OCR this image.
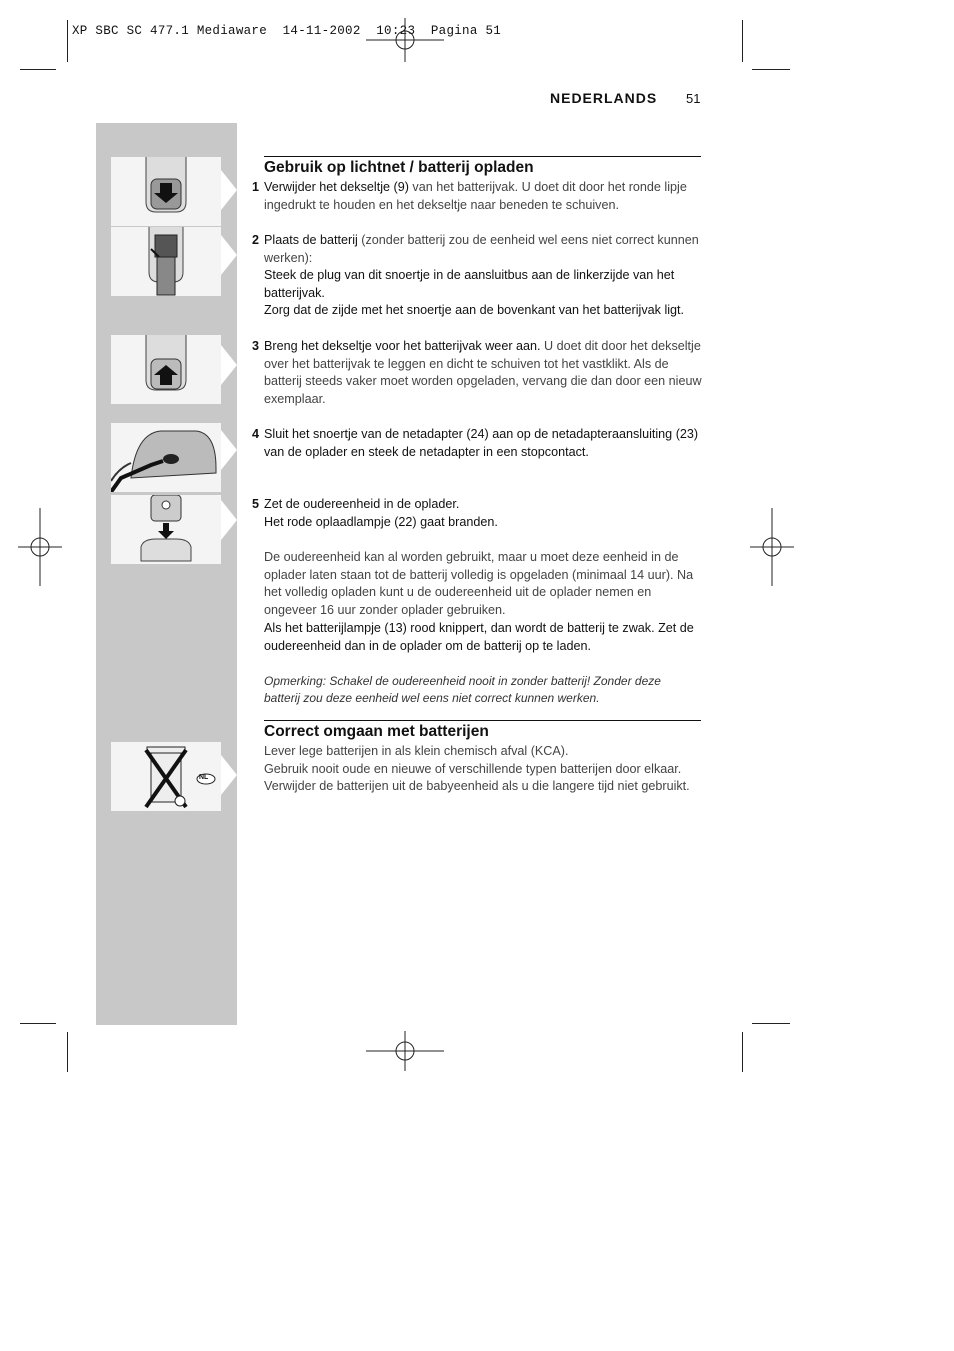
XP SBC SC 477.1 Mediaware  14-11-2002  10:23  Pagina 51
NEDERLANDS 51
NL
Gebruik op lichtnet / batterij opladen
1 Verwijder het dekseltje (9) van het batterijvak. U doet dit door het ronde lipje ingedrukt te houden en het dekseltje naar beneden te schuiven.
2 Plaats de batterij (zonder batterij zou de eenheid wel eens niet correct kunnen werken):
Steek de plug van dit snoertje in de aansluitbus aan de linkerzijde van het batterijvak.
Zorg dat de zijde met het snoertje aan de bovenkant van het batterijvak ligt.
3 Breng het dekseltje voor het batterijvak weer aan. U doet dit door het dekseltje over het batterijvak te leggen en dicht te schuiven tot het vastklikt. Als de batterij steeds vaker moet worden opgeladen, vervang die dan door een nieuw exemplaar.
4 Sluit het snoertje van de netadapter (24) aan op de netadapteraansluiting (23) van de oplader en steek de netadapter in een stopcontact.
5 Zet de oudereenheid in de oplader.
Het rode oplaadlampje (22) gaat branden.
De oudereenheid kan al worden gebruikt, maar u moet deze eenheid in de oplader laten staan tot de batterij volledig is opgeladen (minimaal 14 uur). Na het volledig opladen kunt u de oudereenheid uit de oplader nemen en ongeveer 16 uur zonder oplader gebruiken.
Als het batterijlampje (13) rood knippert, dan wordt de batterij te zwak. Zet de oudereenheid dan in de oplader om de batterij op te laden.
Opmerking: Schakel de oudereenheid nooit in zonder batterij! Zonder deze batterij zou deze eenheid wel eens niet correct kunnen werken.
Correct omgaan met batterijen
Lever lege batterijen in als klein chemisch afval (KCA).
Gebruik nooit oude en nieuwe of verschillende typen batterijen door elkaar.
Verwijder de batterijen uit de babyeenheid als u die langere tijd niet gebruikt.
